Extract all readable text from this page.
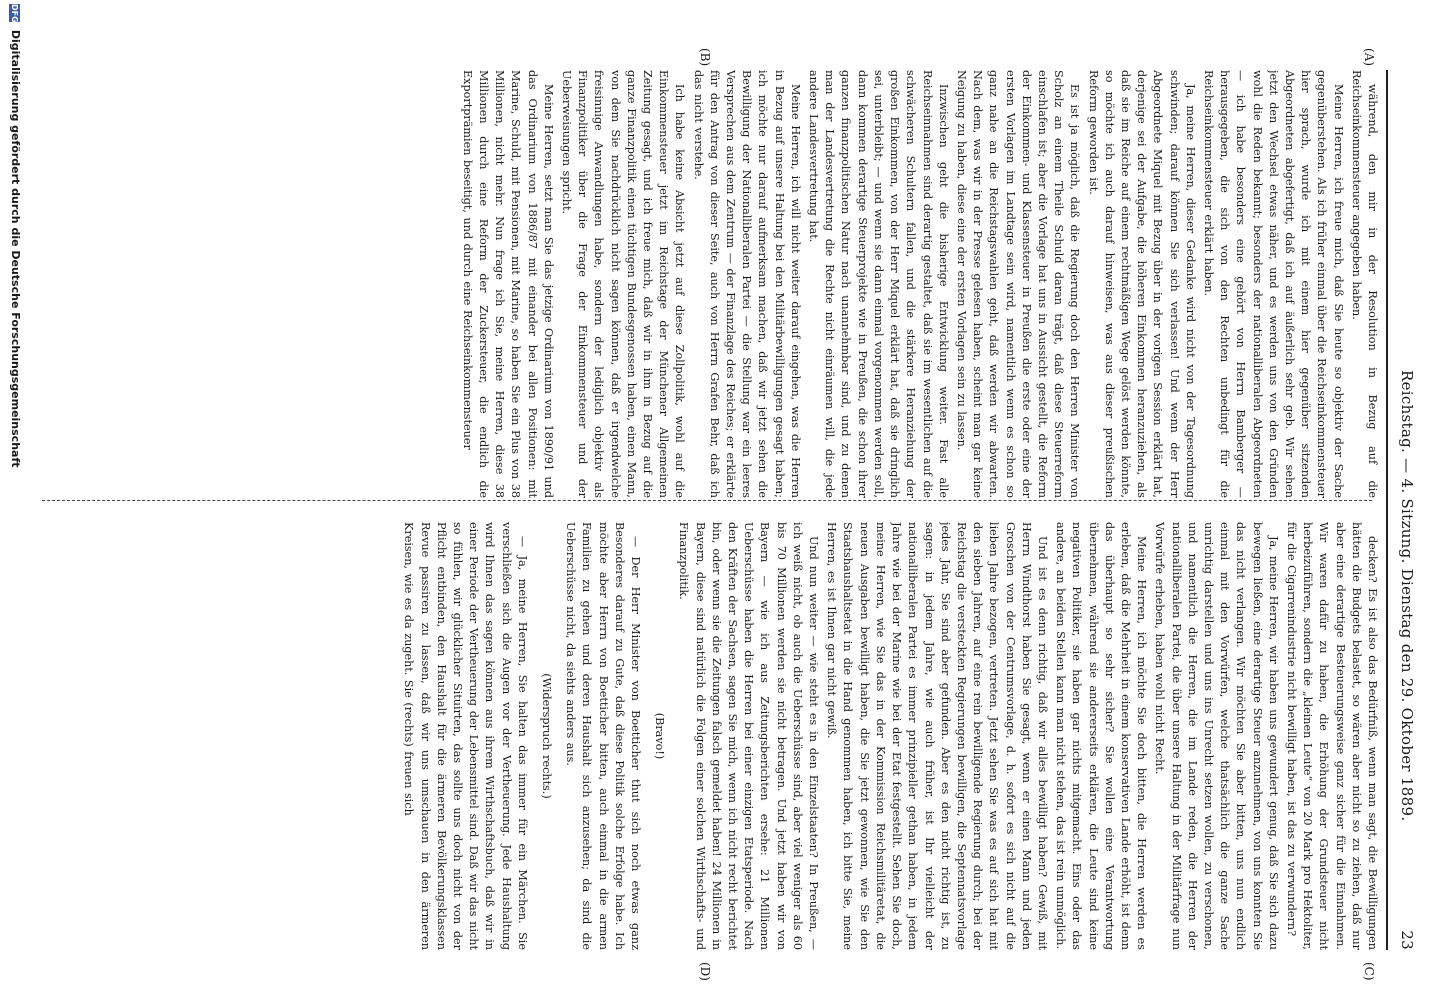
Reichstag. — 4. Sitzung. Dienstag den 29. Oktober 1889.
23
(A)
(B)
(C)
(D)

während, den mir in der Resolution in Bezug auf die Reichseinkommensteuer angegeben haben.

Meine Herren, ich freue mich, daß Sie heute so objektiv der Sache gegenüberstehen. Als ich früher einmal über die Reichseinkommensteuer hier sprach, wurde ich mit einem hier gegenüber sitzenden Abgeordneten abgefertigt, daß ich auf äußerlich sehr geb. Wir sehen jetzt den Wechsel etwas näher, und es werden uns von den Gründen wohl die Reden bekannt; besonders der nationalliberalen Abgeordneten — ich habe besonders eine gehört von Herrn Bamberger — herausgegeben, die sich von den Rechten unbedingt für die Reichseinkommensteuer erklärt haben.

Ja, meine Herren, dieser Gedanke wird nicht von der Tagesordnung schwinden; darauf können Sie sich verlassen! Und wenn der Herr Abgeordnete Miquel mit Bezug über in der vorigen Session erklärt hat, derjenige sei der Aufgabe, die höheren Einkommen heranzuziehen, als daß sie im Reiche auf einem rechtmäßigen Wege gelöst werden könnte, so möchte ich auch darauf hinweisen, was aus dieser preußischen Reform geworden ist.

Es ist ja möglich, daß die Regierung doch den Herren Minister von Scholz an einem Theile Schuld daran trägt, daß diese Steuerreform einschlafen ist; aber die Vorlage hat uns in Aussicht gestellt, die Reform der Einkommen- und Klassensteuer in Preußen die erste oder eine der ersten Vorlagen im Landtage sein wird, namentlich wenn es schon so ganz nahe an die Reichstagswahlen geht, daß werden wir abwarten. Nach dem, was wir in der Presse gelesen haben, scheint man gar keine Neigung zu haben, diese eine der ersten Vorlagen sein zu lassen.

Inzwischen geht die bisherige Entwicklung weiter. Fast alle Reichseinnahmen sind derartig gestaltet, daß sie im wesentlichen auf die schwächeren Schultern fallen, und die stärkere Heranziehung der großen Einkommen, von der Herr Miquel erklärt hat, daß sie dringlich sei, unterbleibt; — und wenn sie dann einmal vorgenommen werden soll, dann kommen derartige Steuerprojekte wie in Preußen, die schon ihrer ganzen finanzpolitischen Natur nach unannehmbar sind, und zu denen man der Landesvertretung die Rechte nicht einräumen will, die jede andere Landesvertretung hat.

Meine Herren, ich will nicht weiter darauf eingehen, was die Herren in Bezug auf unsere Haltung bei den Militärbewilligungen gesagt haben; ich möchte nur darauf aufmerksam machen, daß wir jetzt sehen die Bewilligung der Nationalliberalen Partei — die Stellung war ein leeres Versprechen aus dem Zentrum — der Finanzlage des Reiches; er erklärte für den Antrag von dieser Seite, auch von Herrn Grafen Behr, daß ich das nicht verstehe.

Ich habe keine Absicht jetzt auf diese Zollpolitik, wohl auf die Einkommensteuer jetzt im Reichstage der Münchener Allgemeinen Zeitung gesagt, und ich freue mich, daß wir in ihm in Bezug auf die ganze Finanzpolitik einen tüchtigen Bundesgenossen haben, einen Mann, von dem Sie nachdrücklich nicht sagen können, daß er irgendwelche freisinnige Anwandlungen habe, sondern der lediglich objektiv als Finanzpolitiker über die Frage der Einkommensteuer und der Ueberweisungen spricht.

Meine Herren, setzt man Sie das jetzige Ordinarium von 1890/91 und das Ordinarium von 1886/87 mit einander bei allen Positionen: mit Marine, Schuld, mit Pensionen, mit Marine, so haben Sie ein Plus von 38 Millionen, nicht mehr. Nun frage ich Sie, meine Herren, diese 38 Millionen durch eine Reform der Zuckersteuer, die endlich die Exportprämien beseitigt, und durch eine Reichseinkommensteuer

decken? Es ist also das Bedürfniß, wenn man sagt, die Bewilligungen hätten die Budgets belastet, so wären aber nicht so zu ziehen, daß nur aber eine derartige Besteuerungsweise ganz sicher für die Einnahmen. Wir waren dafür zu haben, die Erhöhung der Grundsteuer nicht herbeizuführen, sondern die „kleinen Leute“ von 20 Mark pro Hektoliter, für die Cigarrenindustrie nicht bewilligt haben, ist das zu verwundern?

Ja, meine Herren, wir haben uns gewundert genug, daß Sie sich dazu bewegen ließen, eine derartige Steuer anzunehmen, von uns konnten Sie das nicht verlangen. Wir möchten Sie aber bitten, uns nun endlich einmal mit den Vorwürfen, welche thatsächlich die ganze Sache unrichtig darstellen und uns ins Unrecht setzen wollen, zu verschonen, und namentlich die Herren, die im Lande reden, die Herren der nationalliberalen Partei, die über unsere Haltung in der Militärfrage nun Vorwürfe erheben, haben wohl nicht Recht.

Meine Herren, ich möchte Sie doch bitten, die Herren werden es erleben, daß die Mehrheit in einem konservativen Lande erhöht, ist denn das überhaupt so sehr sicher? Sie wollen eine Verantwortung übernehmen, während sie andererseits erklären, die Leute sind keine negativen Politiker, sie haben gar nichts mitgemacht. Eins oder das andere, an beiden Stellen kann man nicht stehen, das ist rein unmöglich.

Und ist es denn richtig, daß wir alles bewilligt haben? Gewiß, mit Herrn Windthorst haben Sie gesagt, wenn er einen Mann und jeden Groschen von der Centrumsvorlage, d. h. sofort es sich nicht auf die lieben Jahre bezogen, vertreten. Jetzt sehen Sie was es auf sich hat mit den sieben Jahren, auf eine rein bewilligende Regierung durch; bei der Reichstag die versteckten Regierungen bewilligen, die Septennatsvorlage jedes Jahr, Sie sind aber gefunden. Aber es den nicht richtig ist, zu sagen: in jedem Jahre, wie auch früher, ist Ihr vielleicht der nationalliberalen Partei es immer prinzipieller gethan haben, in jedem Jahre wie bei der Marine wie bei der Etat festgestellt. Sehen Sie doch, meine Herren, wie Sie das in der Kommission Reichsmilitäretat, die neuen Ausgaben bewilligt haben, die Sie jetzt gewonnen, wie Sie den Staatshaushaltsetat in die Hand genommen haben, ich bitte Sie, meine Herren, es ist Ihnen gar nicht gewiß.

Und nun weiter — wie steht es in den Einzelstaaten? In Preußen, — ich weiß nicht, ob auch die Ueberschüsse sind, aber viel weniger als 60 bis 70 Millionen werden sie nicht betragen. Und jetzt haben wir von Bayern — wie ich aus Zeitungsberichten ersehe: 21 Millionen Ueberschüsse haben die Herren bei einer einzigen Etatsperiode. Nach den Kräften der Sachsen, sagen Sie mich, wenn ich nicht recht berichtet bin, oder wenn sie die Zeitungen falsch gemeldet haben! 24 Millionen in Bayern, diese sind natürlich die Folgen einer solchen Wirthschafts- und Finanzpolitik.

(Bravo!)

— Der Herr Minister von Boetticher thut sich noch etwas ganz Besonderes darauf zu Gute, daß diese Politik solche Erfolge habe. Ich möchte aber Herrn von Boetticher bitten, auch einmal in die armen Familien zu gehen und deren Haushalt sich anzusehen; da sind die Ueberschüsse nicht, da siehts anders aus.

(Widerspruch rechts.)

— Ja, meine Herren, Sie halten das immer für ein Märchen. Sie verschließen sich die Augen vor der Vertheuerung. Jede Haushaltung wird Ihnen das sagen können aus ihrem Wirthschaftsbuch, daß wir in einer Periode der Vertheuerung der Lebensmittel sind. Daß wir das nicht so fühlen, wir glücklicher Situirten, das sollte uns doch nicht von der Pflicht entbinden, den Haushalt für die ärmeren Bevölkerungsklassen Revue passiren zu lassen, daß wir uns umschauen in den ärmeren Kreisen, wie es da zugeht. Sie (rechts) freuen sich

DFG Digitalisierung gefördert durch die Deutsche Forschungsgemeinschaft
